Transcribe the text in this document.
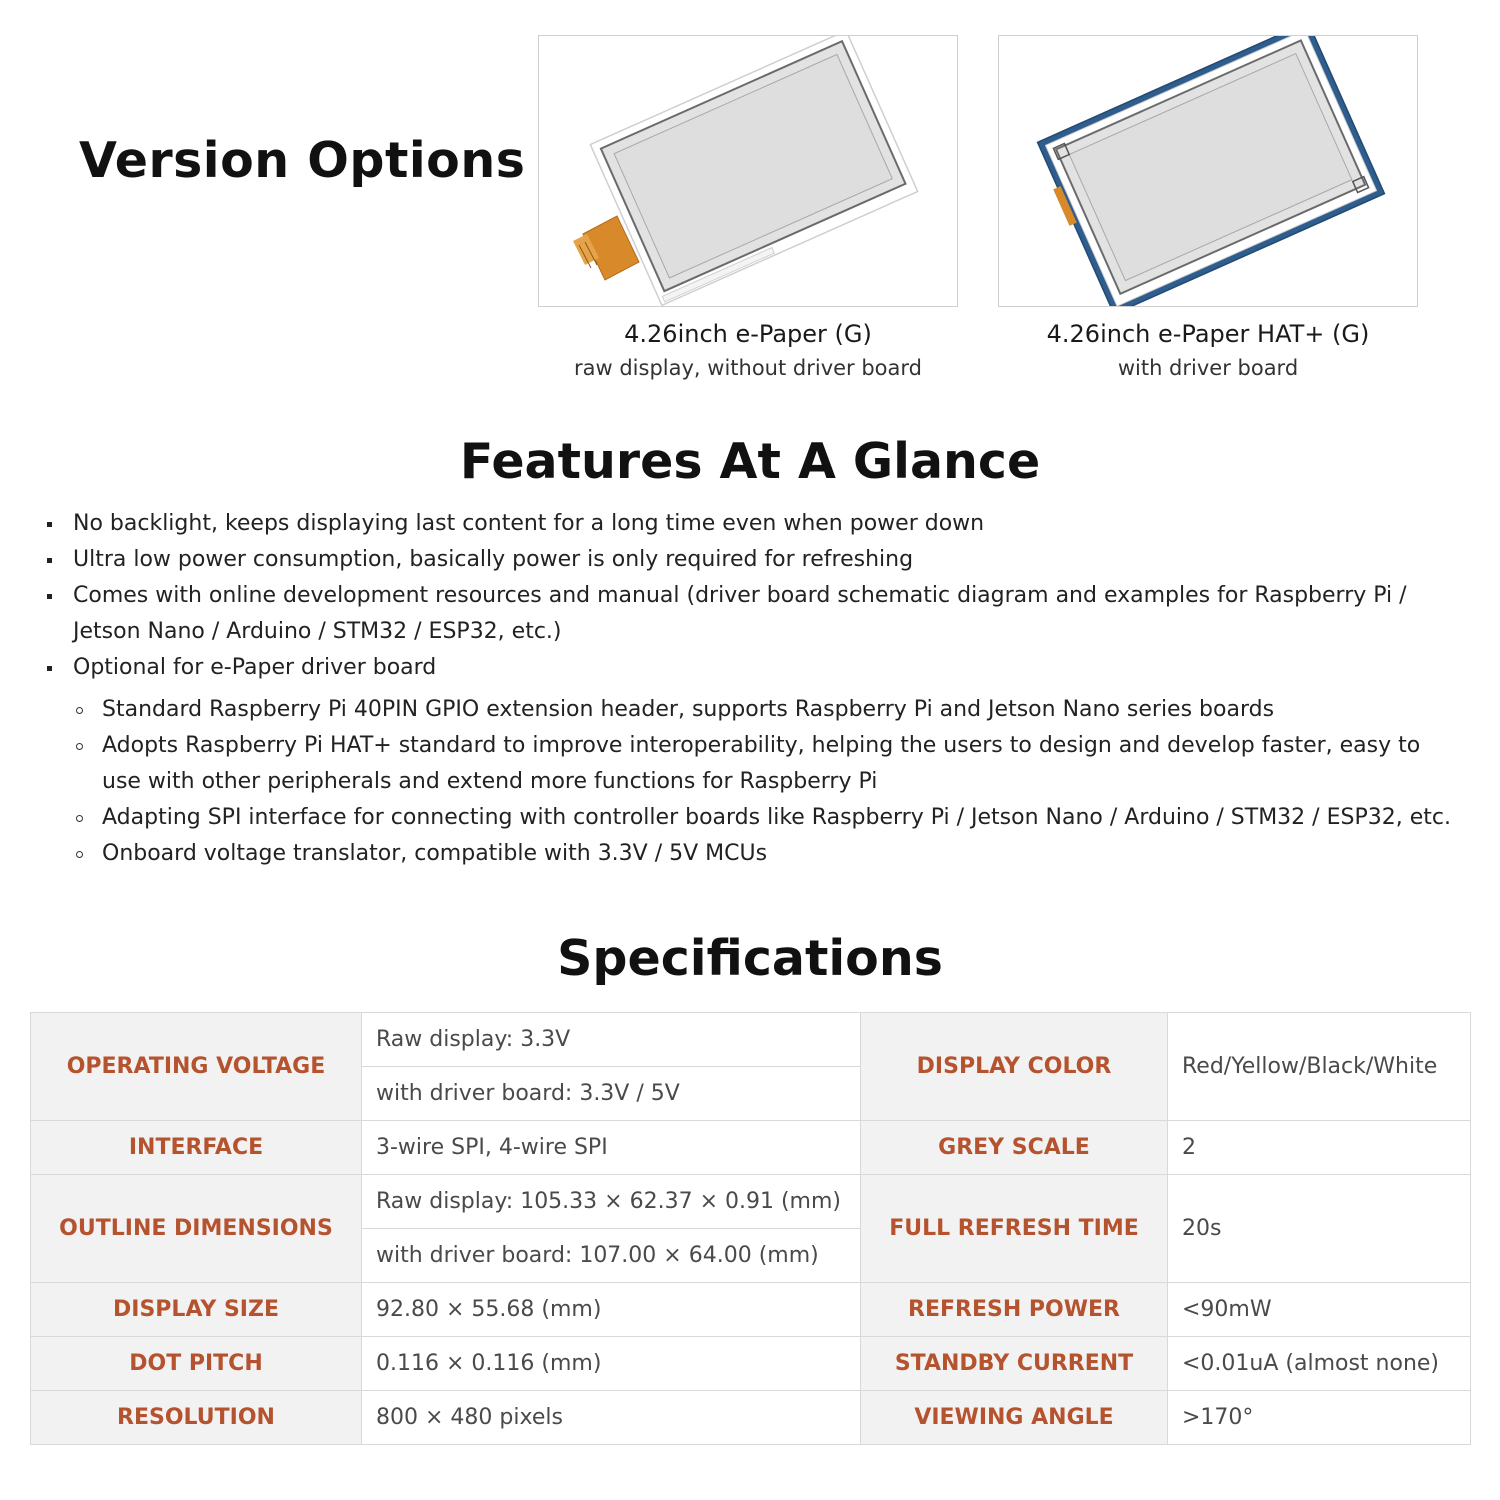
Version Options
4.26inch e-Paper (G)
raw display, without driver board
4.26inch e-Paper HAT+ (G)
with driver board
Features At A Glance
No backlight, keeps displaying last content for a long time even when power down
Ultra low power consumption, basically power is only required for refreshing
Comes with online development resources and manual (driver board schematic diagram and examples for Raspberry Pi / Jetson Nano / Arduino / STM32 / ESP32, etc.)
Optional for e-Paper driver board
Standard Raspberry Pi 40PIN GPIO extension header, supports Raspberry Pi and Jetson Nano series boards
Adopts Raspberry Pi HAT+ standard to improve interoperability, helping the users to design and develop faster, easy to use with other peripherals and extend more functions for Raspberry Pi
Adapting SPI interface for connecting with controller boards like Raspberry Pi / Jetson Nano / Arduino / STM32 / ESP32, etc.
Onboard voltage translator, compatible with 3.3V / 5V MCUs
Specifications
OPERATING VOLTAGE	Raw display: 3.3V	DISPLAY COLOR	Red/Yellow/Black/White
	with driver board: 3.3V / 5V		
INTERFACE	3-wire SPI, 4-wire SPI	GREY SCALE	2
OUTLINE DIMENSIONS	Raw display: 105.33 × 62.37 × 0.91 (mm)	FULL REFRESH TIME	20s
	with driver board: 107.00 × 64.00 (mm)		
DISPLAY SIZE	92.80 × 55.68 (mm)	REFRESH POWER	<90mW
DOT PITCH	0.116 × 0.116 (mm)	STANDBY CURRENT	<0.01uA (almost none)
RESOLUTION	800 × 480 pixels	VIEWING ANGLE	>170°
